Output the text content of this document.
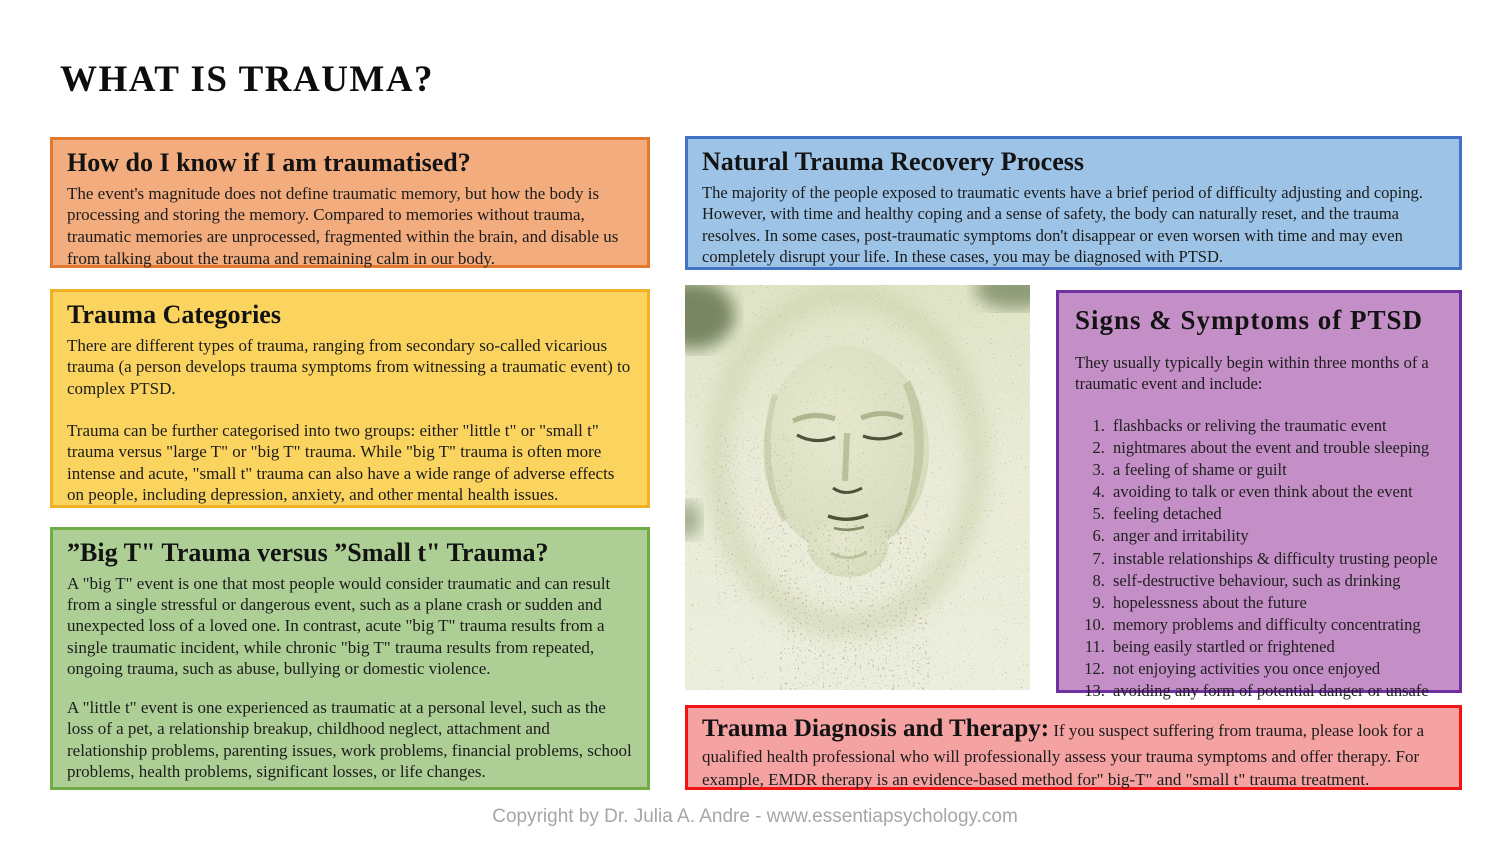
WHAT IS TRAUMA?
How do I know if I am traumatised?

The event's magnitude does not define traumatic memory, but how the body is processing and storing the memory. Compared to memories without trauma, traumatic memories are unprocessed, fragmented within the brain, and disable us from talking about the trauma and remaining calm in our body.

Trauma Categories

There are different types of trauma, ranging from secondary so-called vicarious trauma (a person develops trauma symptoms from witnessing a traumatic event) to complex PTSD.

Trauma can be further categorised into two groups: either "little t" or "small t" trauma versus "large T" or "big T" trauma. While "big T" trauma is often more intense and acute, "small t" trauma can also have a wide range of adverse effects on people, including depression, anxiety, and other mental health issues.

”Big T" Trauma versus ”Small t" Trauma?

A "big T" event is one that most people would consider traumatic and can result from a single stressful or dangerous event, such as a plane crash or sudden and unexpected loss of a loved one. In contrast, acute "big T" trauma results from a single traumatic incident, while chronic "big T" trauma results from repeated, ongoing trauma, such as abuse, bullying or domestic violence.

A "little t" event is one experienced as traumatic at a personal level, such as the loss of a pet, a relationship breakup, childhood neglect, attachment and relationship problems, parenting issues, work problems, financial problems, school problems, health problems, significant losses, or life changes.

Natural Trauma Recovery Process

The majority of the people exposed to traumatic events have a brief period of difficulty adjusting and coping. However, with time and healthy coping and a sense of safety, the body can naturally reset, and the trauma resolves. In some cases, post-traumatic symptoms don't disappear or even worsen with time and may even completely disrupt your life. In these cases, you may be diagnosed with PTSD.

Signs & Symptoms of PTSD

They usually typically begin within three months of a traumatic event and include:

1. flashbacks or reliving the traumatic event
2. nightmares about the event and trouble sleeping
3. a feeling of shame or guilt
4. avoiding to talk or even think about the event
5. feeling detached
6. anger and irritability
7. instable relationships & difficulty trusting people
8. self-destructive behaviour, such as drinking
9. hopelessness about the future
10. memory problems and difficulty concentrating
11. being easily startled or frightened
12. not enjoying activities you once enjoyed
13. avoiding any form of potential danger or unsafe

Trauma Diagnosis and Therapy: If you suspect suffering from trauma, please look for a qualified health professional who will professionally assess your trauma symptoms and offer therapy. For example, EMDR therapy is an evidence-based method for" big-T" and "small t" trauma treatment.

Copyright by Dr. Julia A. Andre - www.essentiapsychology.com
